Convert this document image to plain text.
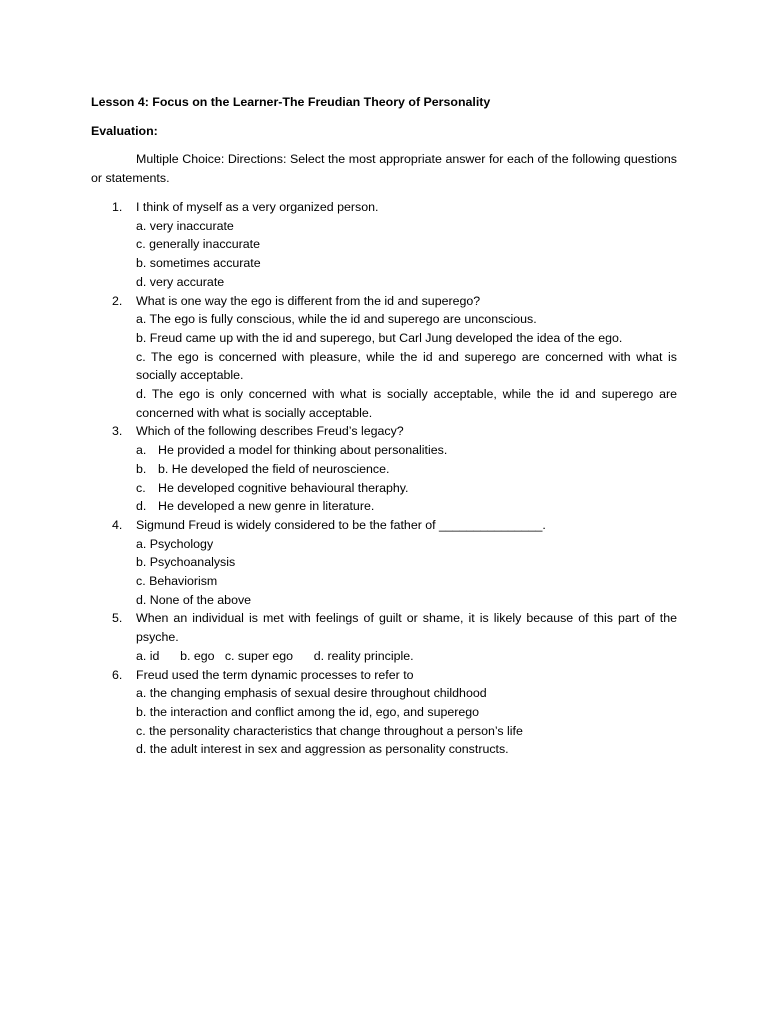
Lesson 4: Focus on the Learner-The Freudian Theory of Personality
Evaluation:
Multiple Choice: Directions: Select the most appropriate answer for each of the following questions or statements.
1. I think of myself as a very organized person.
a. very inaccurate
c. generally inaccurate
b. sometimes accurate
d. very accurate
2. What is one way the ego is different from the id and superego?
a. The ego is fully conscious, while the id and superego are unconscious.
b. Freud came up with the id and superego, but Carl Jung developed the idea of the ego.
c. The ego is concerned with pleasure, while the id and superego are concerned with what is socially acceptable.
d. The ego is only concerned with what is socially acceptable, while the id and superego are concerned with what is socially acceptable.
3. Which of the following describes Freud’s legacy?
a. He provided a model for thinking about personalities.
b. b. He developed the field of neuroscience.
c. He developed cognitive behavioural theraphy.
d. He developed a new genre in literature.
4. Sigmund Freud is widely considered to be the father of _______________.
a. Psychology
b. Psychoanalysis
c. Behaviorism
d. None of the above
5. When an individual is met with feelings of guilt or shame, it is likely because of this part of the psyche.
a. id      b. ego   c. super ego      d. reality principle.
6. Freud used the term dynamic processes to refer to
a. the changing emphasis of sexual desire throughout childhood
b. the interaction and conflict among the id, ego, and superego
c. the personality characteristics that change throughout a person’s life
d. the adult interest in sex and aggression as personality constructs.
